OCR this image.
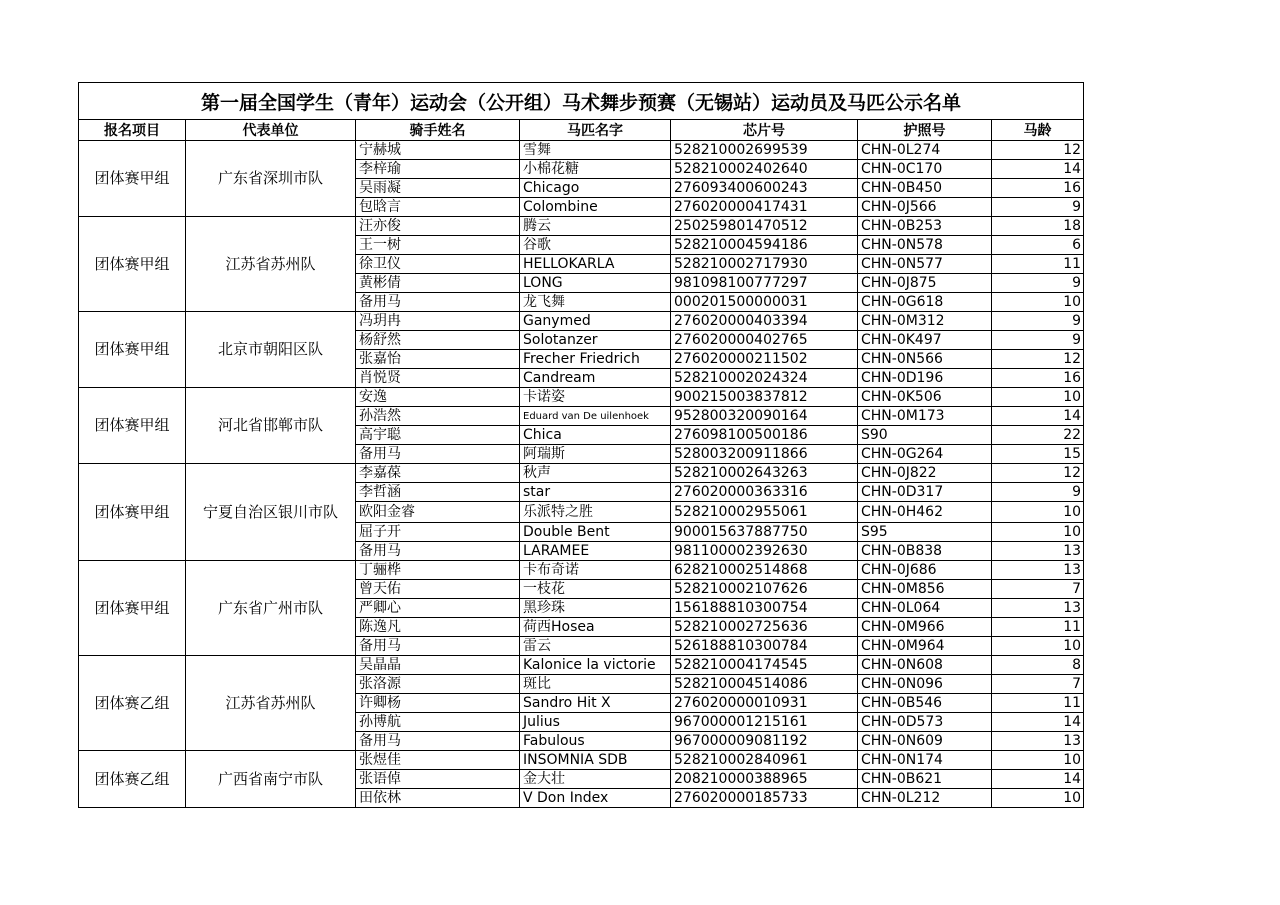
第一届全国学生（青年）运动会（公开组）马术舞步预赛（无锡站）运动员及马匹公示名单						
报名项目	代表单位	骑手姓名	马匹名字	芯片号	护照号	马龄
团体赛甲组	广东省深圳市队	宁赫城	雪舞	528210002699539	CHN-0L274	12
		李梓瑜	小棉花糖	528210002402640	CHN-0C170	14
		吴雨凝	Chicago	276093400600243	CHN-0B450	16
		包晗言	Colombine	276020000417431	CHN-0J566	9
团体赛甲组	江苏省苏州队	汪亦俊	腾云	250259801470512	CHN-0B253	18
		王一树	谷歌	528210004594186	CHN-0N578	6
		徐卫仪	HELLOKARLA	528210002717930	CHN-0N577	11
		黄彬倩	LONG	981098100777297	CHN-0J875	9
		备用马	龙飞舞	000201500000031	CHN-0G618	10
团体赛甲组	北京市朝阳区队	冯玥冉	Ganymed	276020000403394	CHN-0M312	9
		杨舒然	Solotanzer	276020000402765	CHN-0K497	9
		张嘉怡	Frecher Friedrich	276020000211502	CHN-0N566	12
		肖悦贤	Candream	528210002024324	CHN-0D196	16
团体赛甲组	河北省邯郸市队	安逸	卡诺姿	900215003837812	CHN-0K506	10
		孙浩然	Eduard van De uilenhoek	952800320090164	CHN-0M173	14
		高宇聪	Chica	276098100500186	S90	22
		备用马	阿瑞斯	528003200911866	CHN-0G264	15
团体赛甲组	宁夏自治区银川市队	李嘉葆	秋声	528210002643263	CHN-0J822	12
		李哲涵	star	276020000363316	CHN-0D317	9
		欧阳金睿	乐派特之胜	528210002955061	CHN-0H462	10
		屈子开	Double Bent	900015637887750	S95	10
		备用马	LARAMEE	981100002392630	CHN-0B838	13
团体赛甲组	广东省广州市队	丁骊桦	卡布奇诺	628210002514868	CHN-0J686	13
		曾天佑	一枝花	528210002107626	CHN-0M856	7
		严卿心	黑珍珠	156188810300754	CHN-0L064	13
		陈逸凡	荷西Hosea	528210002725636	CHN-0M966	11
		备用马	雷云	526188810300784	CHN-0M964	10
团体赛乙组	江苏省苏州队	吴晶晶	Kalonice la victorie	528210004174545	CHN-0N608	8
		张洛源	斑比	528210004514086	CHN-0N096	7
		许卿杨	Sandro Hit X	276020000010931	CHN-0B546	11
		孙博航	Julius	967000001215161	CHN-0D573	14
		备用马	Fabulous	967000009081192	CHN-0N609	13
团体赛乙组	广西省南宁市队	张煜佳	INSOMNIA SDB	528210002840961	CHN-0N174	10
		张语倬	金大壮	208210000388965	CHN-0B621	14
		田依林	V Don Index	276020000185733	CHN-0L212	10
